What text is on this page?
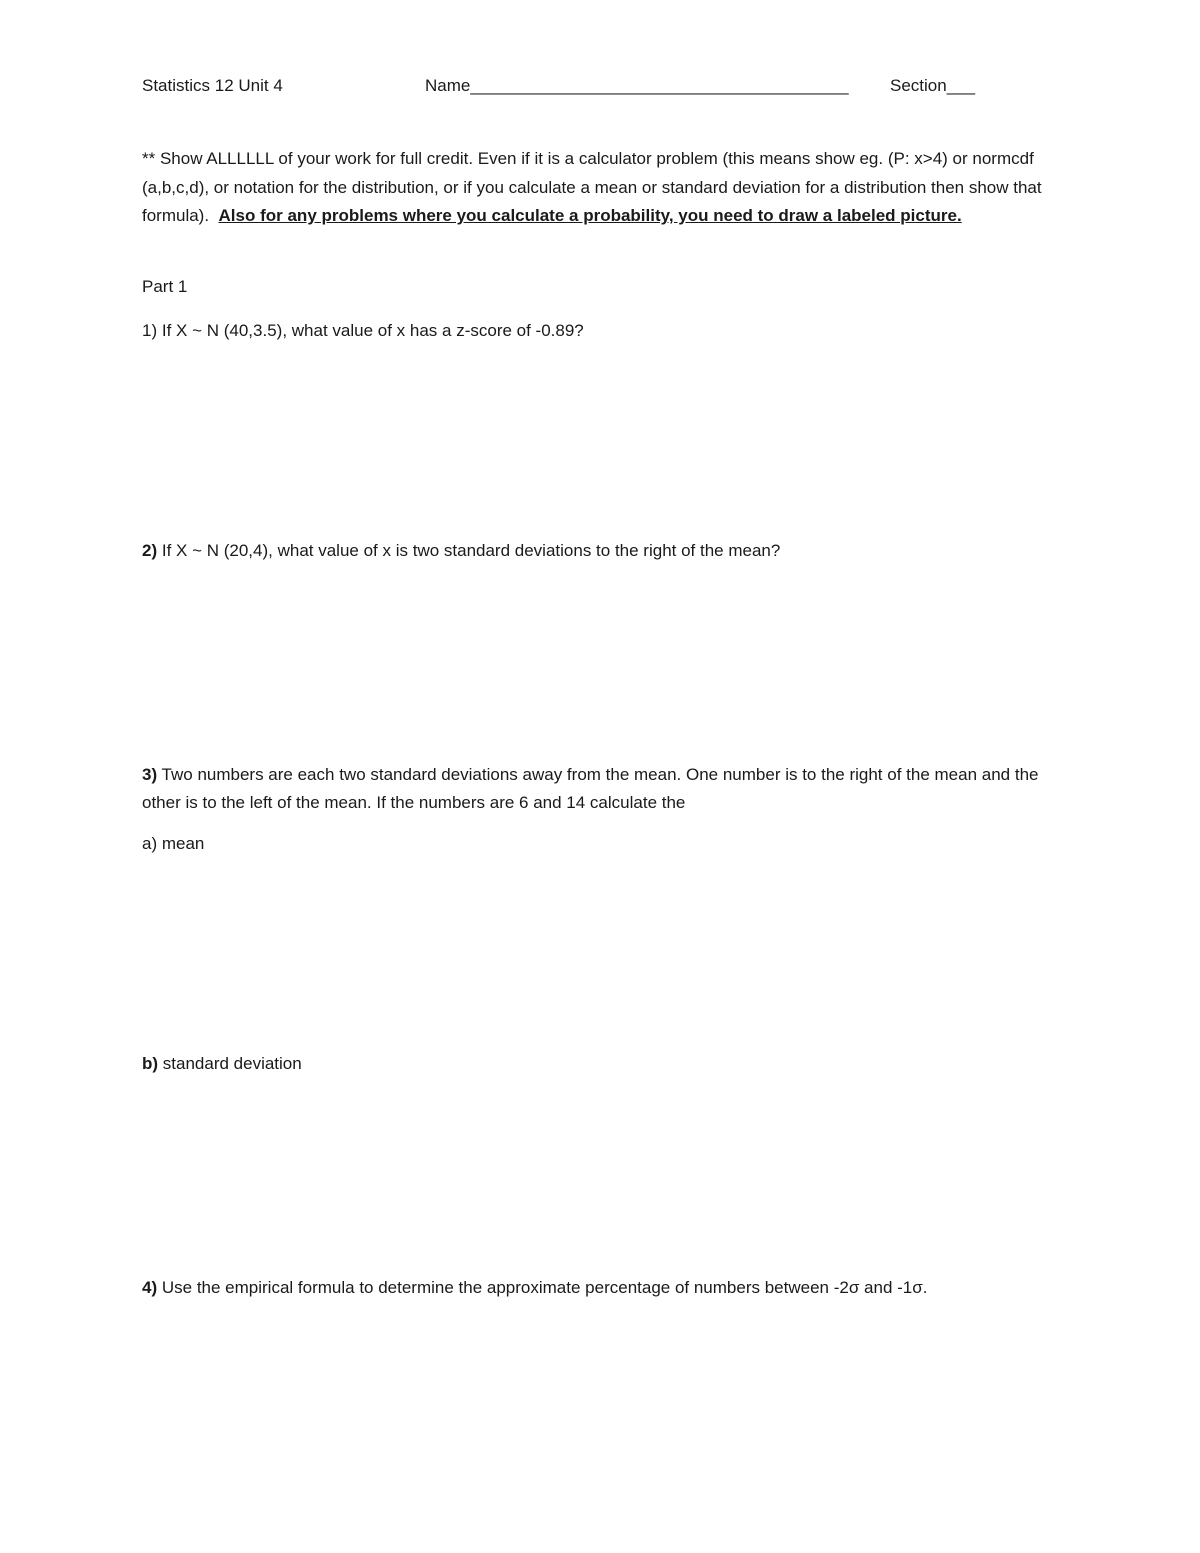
Statistics 12 Unit 4	Name________________________________________ Section___
** Show ALLLLLL of your work for full credit. Even if it is a calculator problem (this means show eg. (P: x>4) or normcdf (a,b,c,d), or notation for the distribution, or if you calculate a mean or standard deviation for a distribution then show that formula). Also for any problems where you calculate a probability, you need to draw a labeled picture.
Part 1
1) If X ~ N (40,3.5), what value of x has a z-score of -0.89?
2) If X ~ N (20,4), what value of x is two standard deviations to the right of the mean?
3) Two numbers are each two standard deviations away from the mean. One number is to the right of the mean and the other is to the left of the mean. If the numbers are 6 and 14 calculate the
a) mean
b) standard deviation
4) Use the empirical formula to determine the approximate percentage of numbers between -2σ and -1σ.
